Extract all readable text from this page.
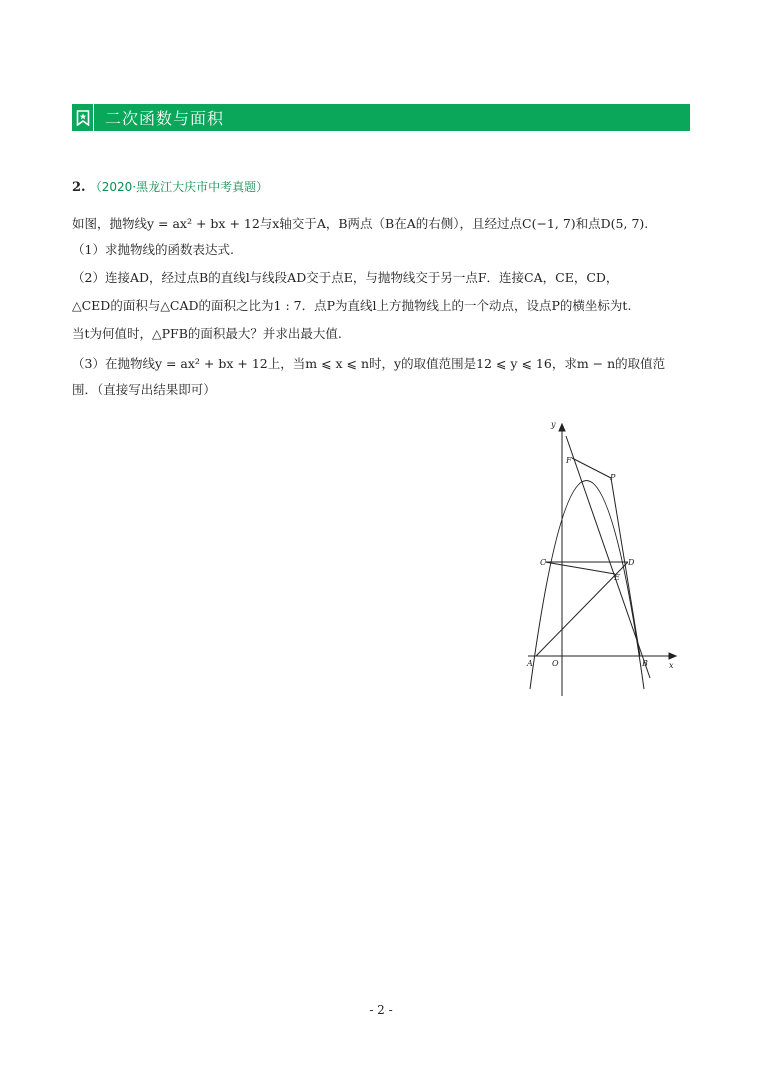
二次函数与面积
2. （2020·黑龙江大庆市中考真题）
如图，抛物线y = ax² + bx + 12与x轴交于A，B两点（B在A的右侧），且经过点C(−1, 7)和点D(5, 7).
（1）求抛物线的函数表达式.
（2）连接AD，经过点B的直线l与线段AD交于点E，与抛物线交于另一点F．连接CA，CE，CD，
△CED的面积与△CAD的面积之比为1 : 7．点P为直线l上方抛物线上的一个动点，设点P的横坐标为t.
当t为何值时，△PFB的面积最大？并求出最大值.
（3）在抛物线y = ax² + bx + 12上，当m ⩽ x ⩽ n时，y的取值范围是12 ⩽ y ⩽ 16，求m − n的取值范
围．（直接写出结果即可）
y
x
O
A	B
C	D
E
F
P
- 2 -
